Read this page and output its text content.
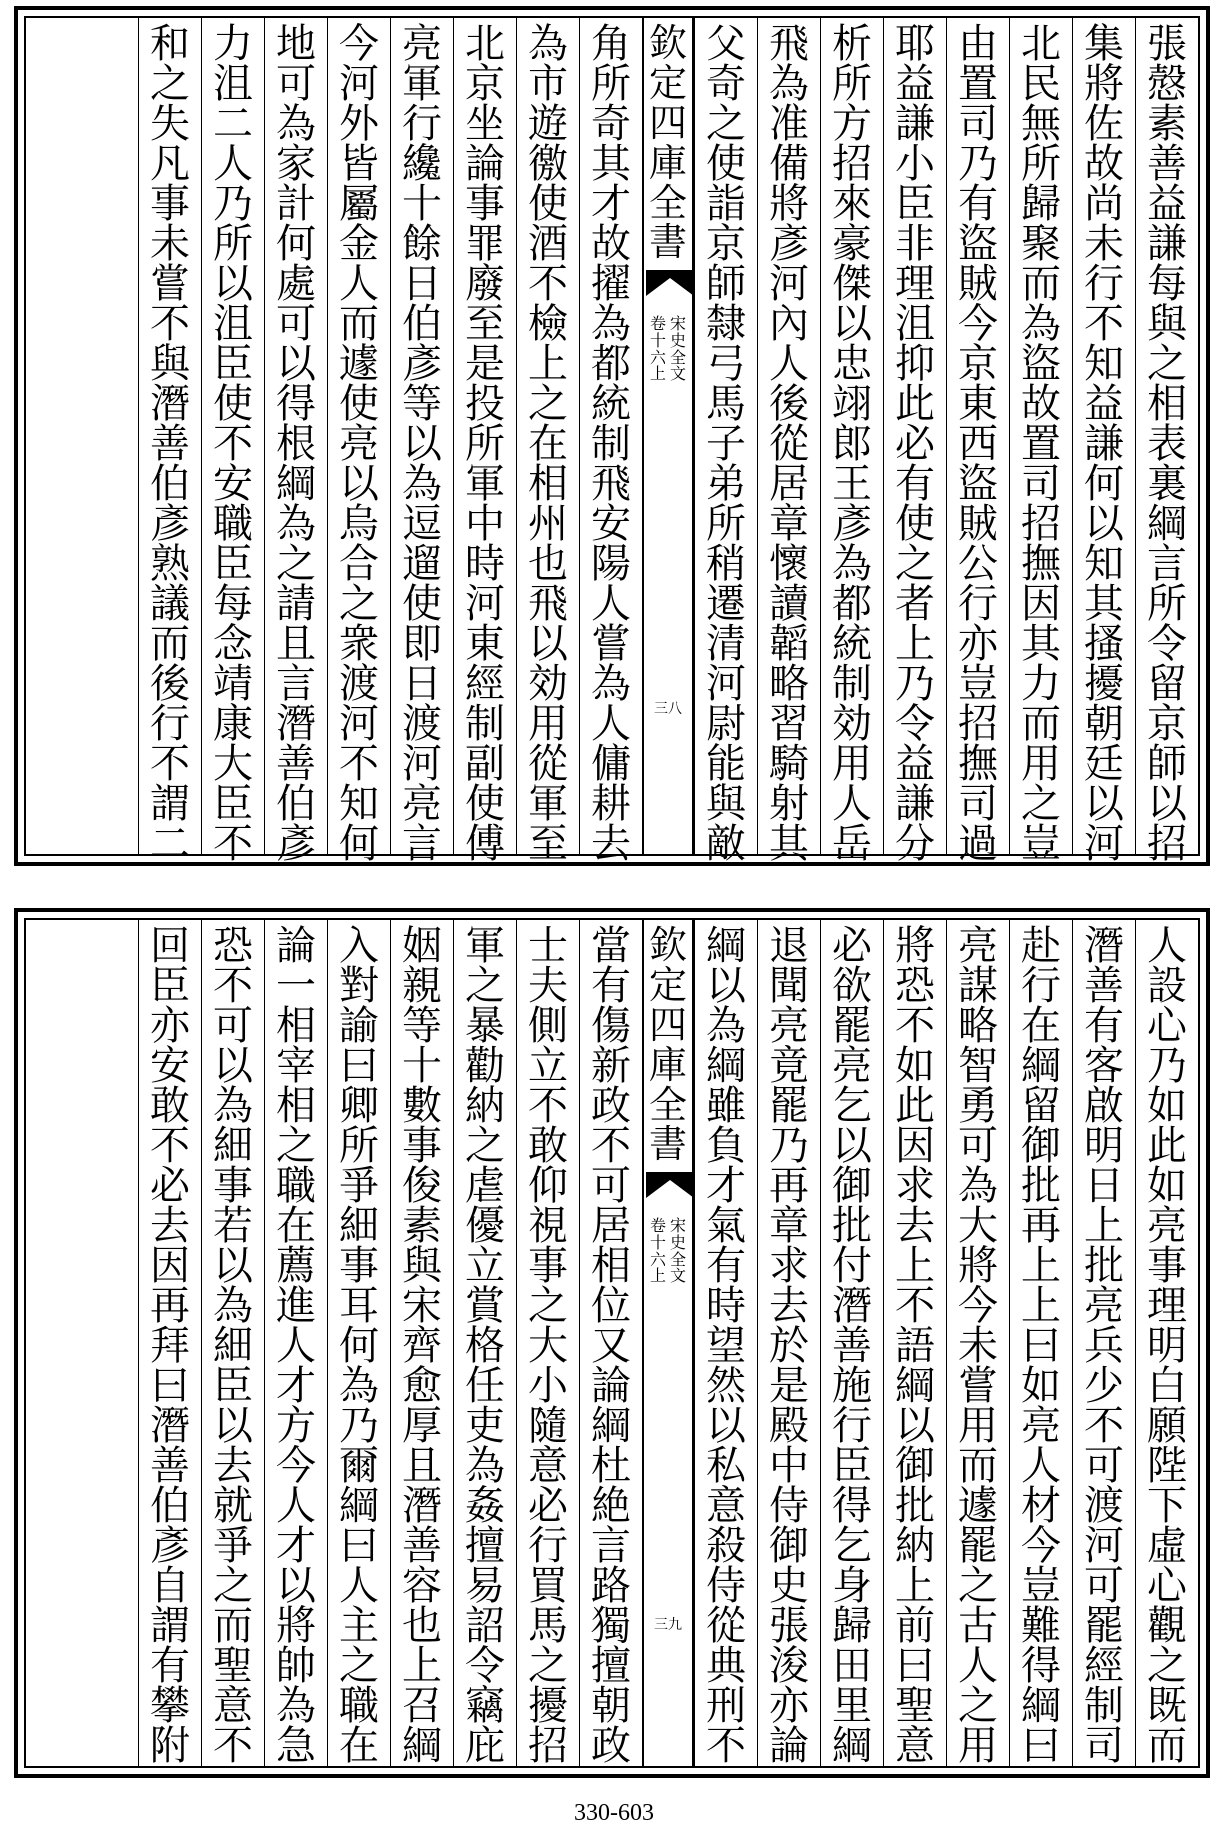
張
慤
素
善
益
謙
每
與
之
相
表
裏
綱
言
所
令
留
京
師
以
招
集
將
佐
故
尚
未
行
不
知
益
謙
何
以
知
其
搔
擾
朝
廷
以
河
北
民
無
所
歸
聚
而
為
盜
故
置
司
招
撫
因
其
力
而
用
之
豈
由
置
司
乃
有
盜
賊
今
京
東
西
盜
賊
公
行
亦
豈
招
撫
司
過
耶
益
謙
小
臣
非
理
沮
抑
此
必
有
使
之
者
上
乃
令
益
謙
分
析
所
方
招
來
豪
傑
以
忠
翊
郎
王
彥
為
都
統
制
効
用
人
岳
飛
為
准
備
將
彥
河
內
人
後
從
居
章
懷
讀
韜
略
習
騎
射
其
父
奇
之
使
詣
京
師
隸
弓
馬
子
弟
所
稍
遷
清
河
尉
能
與
敵
欽
定
四
庫
全
書
卷
十
六
上
宋
史
全
文
三八
角
所
奇
其
才
故
擢
為
都
統
制
飛
安
陽
人
嘗
為
人
傭
耕
去
為
市
遊
徼
使
酒
不
檢
上
之
在
相
州
也
飛
以
効
用
從
軍
至
北
京
坐
論
事
罪
廢
至
是
投
所
軍
中
時
河
東
經
制
副
使
傅
亮
軍
行
纔
十
餘
日
伯
彥
等
以
為
逗
遛
使
即
日
渡
河
亮
言
今
河
外
皆
屬
金
人
而
遽
使
亮
以
烏
合
之
衆
渡
河
不
知
何
地
可
為
家
計
何
處
可
以
得
根
綱
為
之
請
且
言
潛
善
伯
彥
力
沮
二
人
乃
所
以
沮
臣
使
不
安
職
臣
每
念
靖
康
大
臣
不
和
之
失
凡
事
未
嘗
不
與
潛
善
伯
彥
熟
議
而
後
行
不
謂
二
人
設
心
乃
如
此
如
亮
事
理
明
白
願
陛
下
虛
心
觀
之
既
而
潛
善
有
客
啟
明
日
上
批
亮
兵
少
不
可
渡
河
可
罷
經
制
司
赴
行
在
綱
留
御
批
再
上
上
曰
如
亮
人
材
今
豈
難
得
綱
曰
亮
謀
略
智
勇
可
為
大
將
今
未
嘗
用
而
遽
罷
之
古
人
之
用
將
恐
不
如
此
因
求
去
上
不
語
綱
以
御
批
納
上
前
曰
聖
意
必
欲
罷
亮
乞
以
御
批
付
潛
善
施
行
臣
得
乞
身
歸
田
里
綱
退
聞
亮
竟
罷
乃
再
章
求
去
於
是
殿
中
侍
御
史
張
浚
亦
論
綱
以
為
綱
雖
負
才
氣
有
時
望
然
以
私
意
殺
侍
從
典
刑
不
欽
定
四
庫
全
書
卷
十
六
上
宋
史
全
文
三九
當
有
傷
新
政
不
可
居
相
位
又
論
綱
杜
絶
言
路
獨
擅
朝
政
士
夫
側
立
不
敢
仰
視
事
之
大
小
隨
意
必
行
買
馬
之
擾
招
軍
之
暴
勸
納
之
虐
優
立
賞
格
任
吏
為
姦
擅
易
詔
令
竊
庇
姻
親
等
十
數
事
俊
素
與
宋
齊
愈
厚
且
潛
善
容
也
上
召
綱
入
對
諭
曰
卿
所
爭
細
事
耳
何
為
乃
爾
綱
曰
人
主
之
職
在
論
一
相
宰
相
之
職
在
薦
進
人
才
方
今
人
才
以
將
帥
為
急
恐
不
可
以
為
細
事
若
以
為
細
臣
以
去
就
爭
之
而
聖
意
不
回
臣
亦
安
敢
不
必
去
因
再
拜
曰
潛
善
伯
彥
自
謂
有
攀
附
330-603
